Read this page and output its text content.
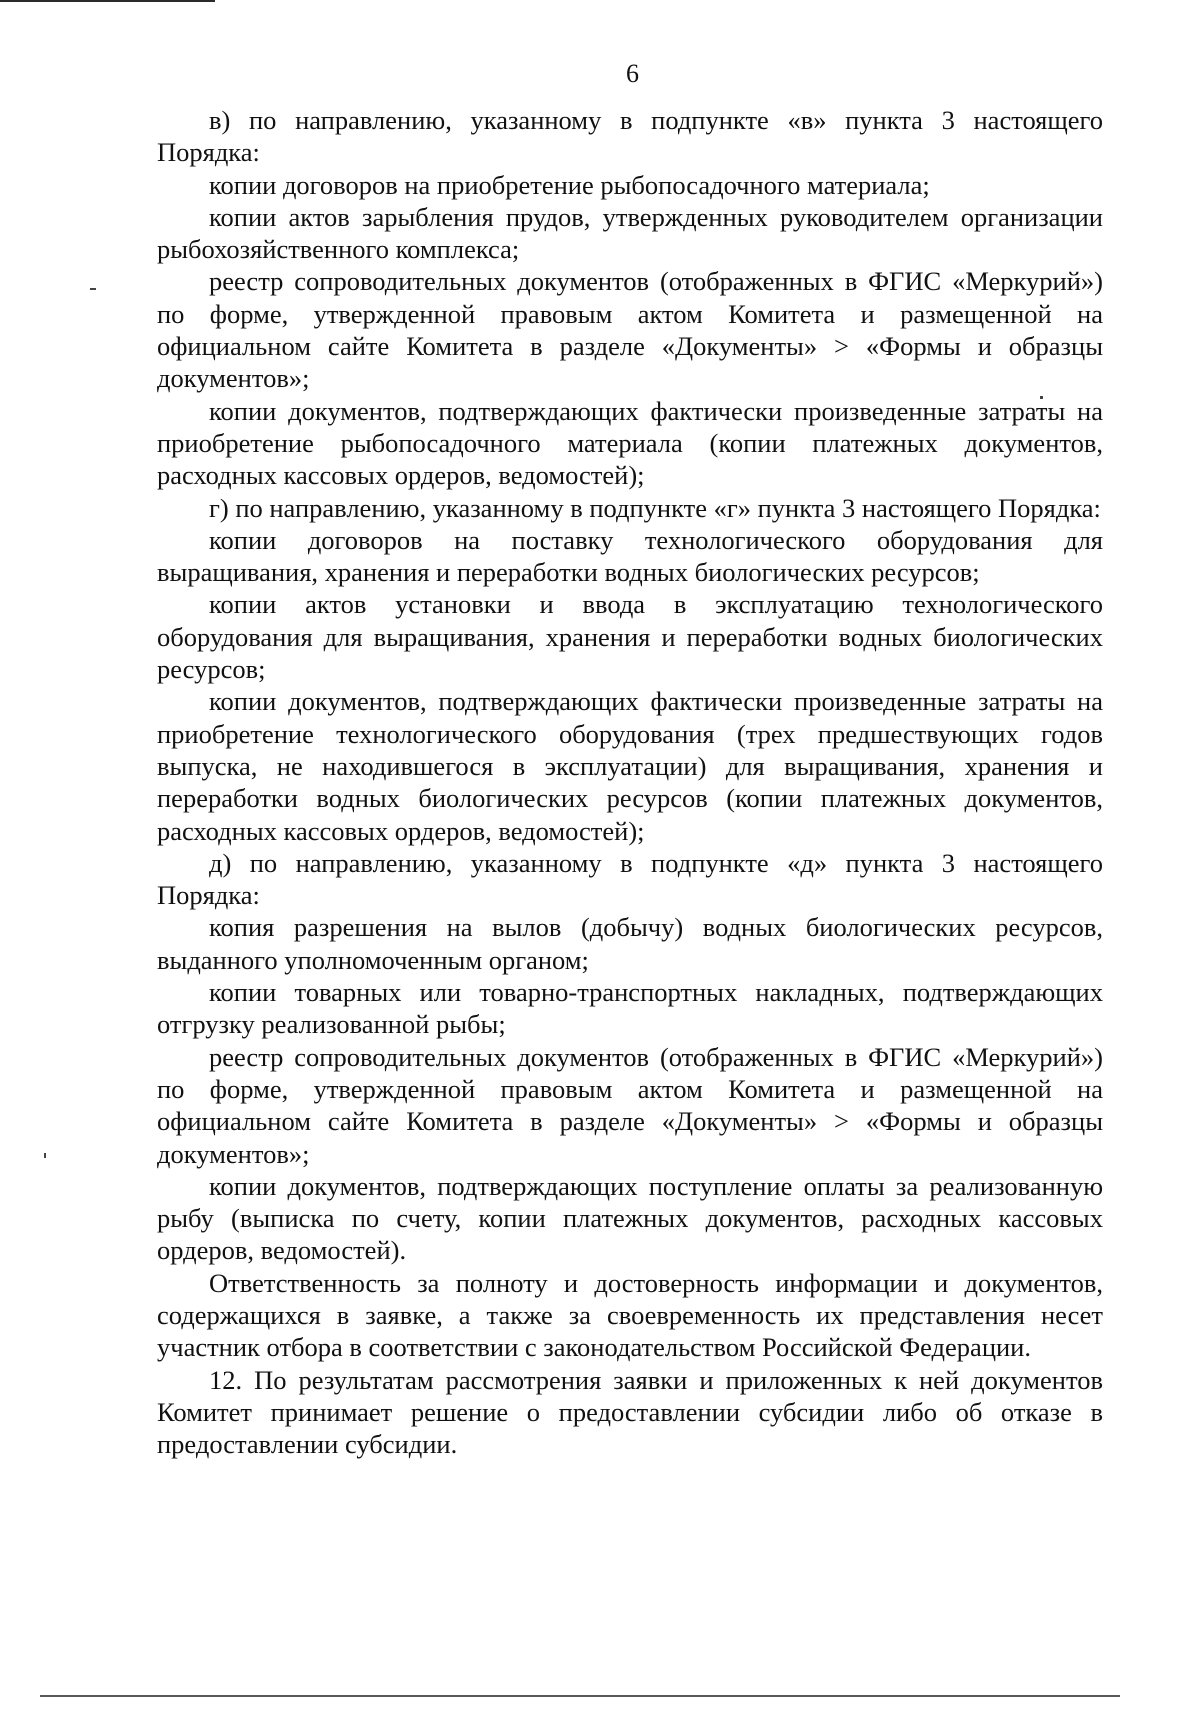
6

в) по направлению, указанному в подпункте «в» пункта 3 настоящего Порядка:

копии договоров на приобретение рыбопосадочного материала;

копии актов зарыбления прудов, утвержденных руководителем организации рыбохозяйственного комплекса;

реестр сопроводительных документов (отображенных в ФГИС «Меркурий») по форме, утвержденной правовым актом Комитета и размещенной на официальном сайте Комитета в разделе «Документы» > «Формы и образцы документов»;

копии документов, подтверждающих фактически произведенные затраты на приобретение рыбопосадочного материала (копии платежных документов, расходных кассовых ордеров, ведомостей);

г) по направлению, указанному в подпункте «г» пункта 3 настоящего Порядка:

копии договоров на поставку технологического оборудования для выращивания, хранения и переработки водных биологических ресурсов;

копии актов установки и ввода в эксплуатацию технологического оборудования для выращивания, хранения и переработки водных биологических ресурсов;

копии документов, подтверждающих фактически произведенные затраты на приобретение технологического оборудования (трех предшествующих годов выпуска, не находившегося в эксплуатации) для выращивания, хранения и переработки водных биологических ресурсов (копии платежных документов, расходных кассовых ордеров, ведомостей);

д) по направлению, указанному в подпункте «д» пункта 3 настоящего Порядка:

копия разрешения на вылов (добычу) водных биологических ресурсов, выданного уполномоченным органом;

копии товарных или товарно-транспортных накладных, подтверждающих отгрузку реализованной рыбы;

реестр сопроводительных документов (отображенных в ФГИС «Меркурий») по форме, утвержденной правовым актом Комитета и размещенной на официальном сайте Комитета в разделе «Документы» > «Формы и образцы документов»;

копии документов, подтверждающих поступление оплаты за реализованную рыбу (выписка по счету, копии платежных документов, расходных кассовых ордеров, ведомостей).

Ответственность за полноту и достоверность информации и документов, содержащихся в заявке, а также за своевременность их представления несет участник отбора в соответствии с законодательством Российской Федерации.

12. По результатам рассмотрения заявки и приложенных к ней документов Комитет принимает решение о предоставлении субсидии либо об отказе в предоставлении субсидии.
